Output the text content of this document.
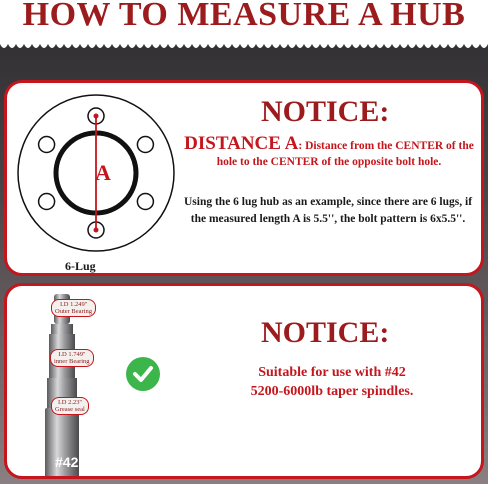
HOW TO MEASURE A HUB
A
6-Lug
NOTICE:
DISTANCE A: Distance from the CENTER of the hole to the CENTER of the opposite bolt hole.
Using the 6 lug hub as an example, since there are 6 lugs, if the measured length A is 5.5'', the bolt pattern is 6x5.5''.
I.D 1.249''
Outer Bearing
I.D 1.749''
inner Bearing
I.D 2.23''
Grease seal
#42
NOTICE:
Suitable for use with #42
5200-6000lb taper spindles.
